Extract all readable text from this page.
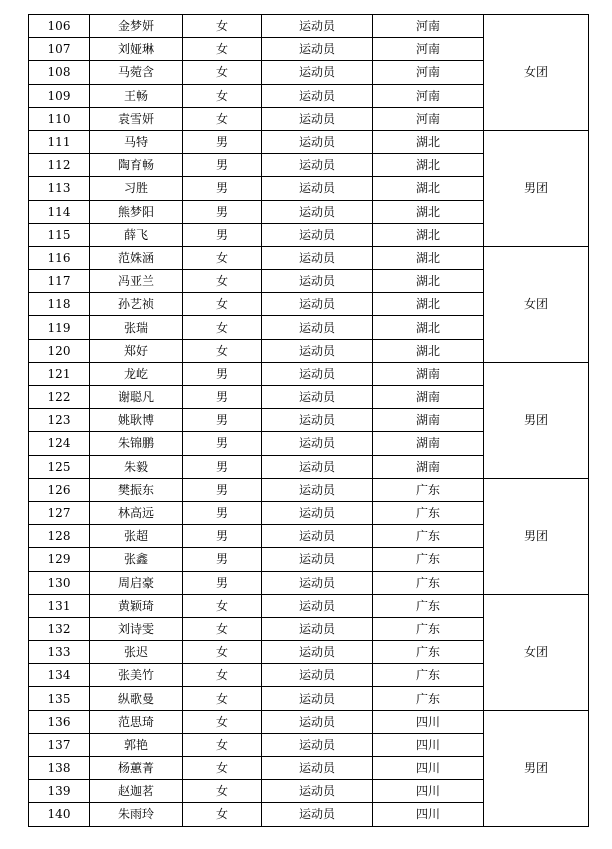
106	金梦妍	女	运动员	河南	女团
107	刘娅琳	女	运动员	河南	
108	马菀含	女	运动员	河南	
109	王畅	女	运动员	河南	
110	袁雪妍	女	运动员	河南	
111	马特	男	运动员	湖北	男团
112	陶育畅	男	运动员	湖北	
113	习胜	男	运动员	湖北	
114	熊梦阳	男	运动员	湖北	
115	薛飞	男	运动员	湖北	
116	范姝涵	女	运动员	湖北	女团
117	冯亚兰	女	运动员	湖北	
118	孙艺祯	女	运动员	湖北	
119	张瑞	女	运动员	湖北	
120	郑好	女	运动员	湖北	
121	龙屹	男	运动员	湖南	男团
122	谢聪凡	男	运动员	湖南	
123	姚耿博	男	运动员	湖南	
124	朱锦鹏	男	运动员	湖南	
125	朱毅	男	运动员	湖南	
126	樊振东	男	运动员	广东	男团
127	林高远	男	运动员	广东	
128	张超	男	运动员	广东	
129	张鑫	男	运动员	广东	
130	周启豪	男	运动员	广东	
131	黄颖琦	女	运动员	广东	女团
132	刘诗雯	女	运动员	广东	
133	张迟	女	运动员	广东	
134	张美竹	女	运动员	广东	
135	纵歌曼	女	运动员	广东	
136	范思琦	女	运动员	四川	男团
137	郭艳	女	运动员	四川	
138	杨蕙菁	女	运动员	四川	
139	赵迦茗	女	运动员	四川	
140	朱雨玲	女	运动员	四川	
